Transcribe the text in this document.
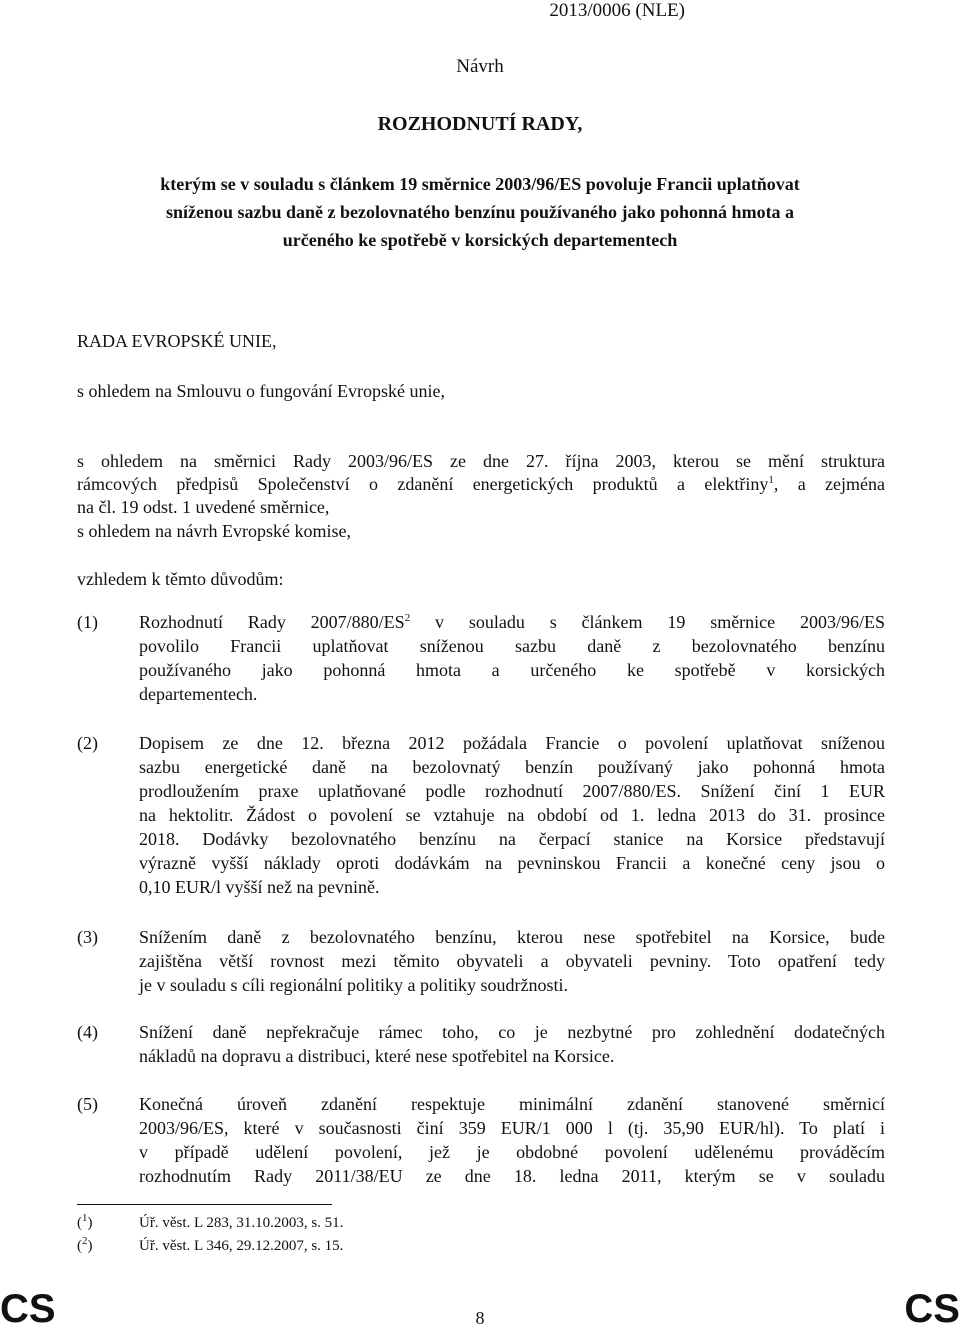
2013/0006 (NLE)

Návrh

ROZHODNUTÍ RADY,

kterým se v souladu s článkem 19 směrnice 2003/96/ES povoluje Francii uplatňovat
sníženou sazbu daně z bezolovnatého benzínu používaného jako pohonná hmota a
určeného ke spotřebě v korsických departementech

RADA EVROPSKÉ UNIE,

s ohledem na Smlouvu o fungování Evropské unie,

s ohledem na směrnici Rady 2003/96/ES ze dne 27. října 2003, kterou se mění struktura
rámcových předpisů Společenství o zdanění energetických produktů a elektřiny$^1$, a zejména
na čl. 19 odst. 1 uvedené směrnice,

s ohledem na návrh Evropské komise,

vzhledem k těmto důvodům:

(1) Rozhodnutí Rady $2007/880/ES^2$ v souladu s článkem 19 směrnice 2003/96/ES
povolilo Francii uplatňovat sníženou sazbu daně z bezolovnatého benzínu
používaného jako pohonná hmota a určeného ke spotřebě v korsických
departementech.
(2) Dopisem ze dne 12. března 2012 požádala Francie o povolení uplatňovat sníženou
sazbu energetické daně na bezolovnatý benzín používaný jako pohonná hmota
prodloužením praxe uplatňované podle rozhodnutí 2007/880/ES. Snížení činí 1 EUR
na hektolitr. Žádost o povolení se vztahuje na období od 1. ledna 2013 do 31. prosince
2018. Dodávky bezolovnatého benzínu na čerpací stanice na Korsice představují
výrazně vyšší náklady oproti dodávkám na pevninskou Francii a konečné ceny jsou o
0,10 EUR/l vyšší než na pevnině.
(3) Snížením daně z bezolovnatého benzínu, kterou nese spotřebitel na Korsice, bude
zajištěna větší rovnost mezi těmito obyvateli a obyvateli pevniny. Toto opatření tedy
je v souladu s cíli regionální politiky a politiky soudržnosti.
(4) Snížení daně nepřekračuje rámec toho, co je nezbytné pro zohlednění dodatečných
nákladů na dopravu a distribuci, které nese spotřebitel na Korsice.
(5) Konečná úroveň zdanění respektuje minimální zdanění stanovené směrnicí
2003/96/ES, které v současnosti činí 359 EUR/1 000 l (tj. 35,90 EUR/hl). To platí i
v případě udělení povolení, jež je obdobné povolení udělenému prováděcím
rozhodnutím Rady 2011/38/EU ze dne 18. ledna 2011, kterým se v souladu
($^1$)	Úř. věst. L 283, 31.10.2003, s. 51.
($^2$)	Úř. věst. L 346, 29.12.2007, s. 15.

CS	8	CS
